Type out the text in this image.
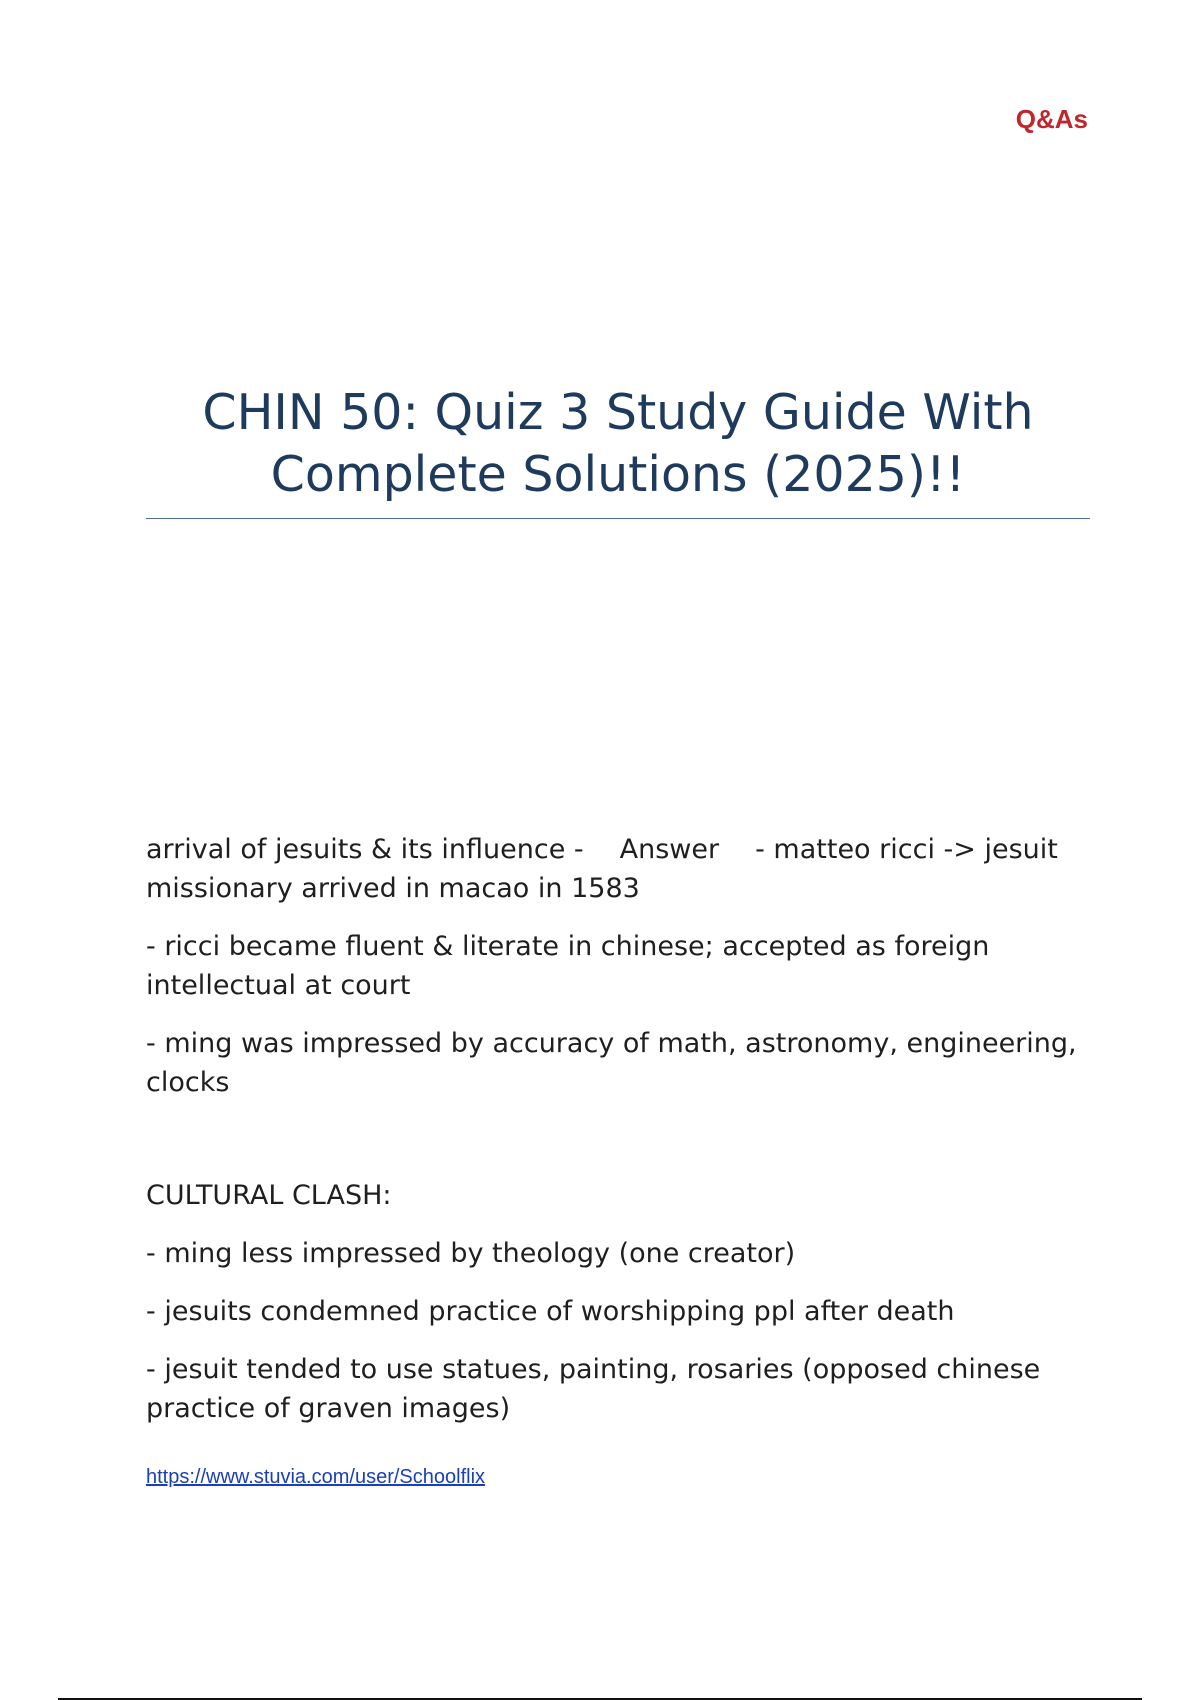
Q&As
CHIN 50: Quiz 3 Study Guide With
Complete Solutions (2025)!!

arrival of jesuits & its influence - Answer - matteo ricci -> jesuit missionary arrived in macao in 1583

- ricci became fluent & literate in chinese; accepted as foreign intellectual at court

- ming was impressed by accuracy of math, astronomy, engineering, clocks

CULTURAL CLASH:

- ming less impressed by theology (one creator)

- jesuits condemned practice of worshipping ppl after death

- jesuit tended to use statues, painting, rosaries (opposed chinese practice of graven images)

https://www.stuvia.com/user/Schoolflix
